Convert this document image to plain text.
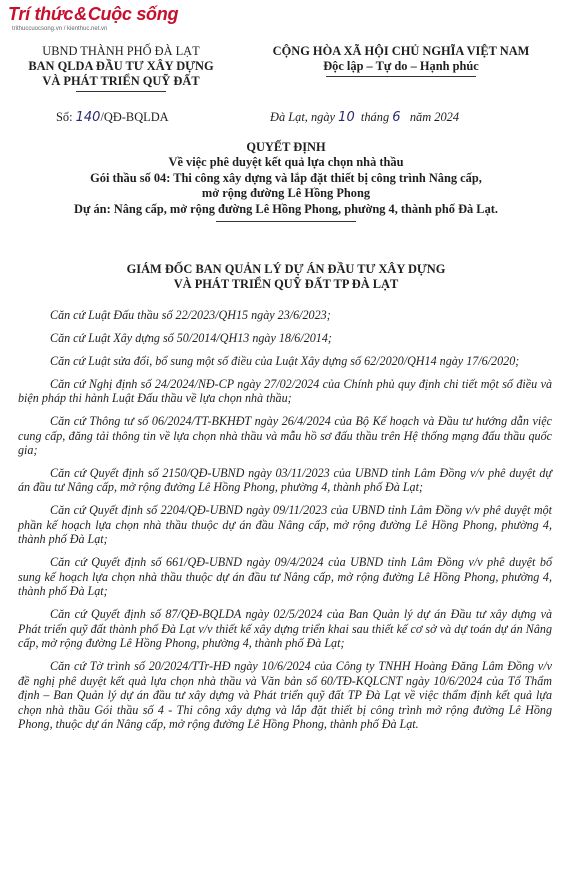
Trí thức & Cuộc sống
trithuccuocsong.vn / kienthuc.net.vn
UBND THÀNH PHỐ ĐÀ LẠT
BAN QLDA ĐẦU TƯ XÂY DỰNG
VÀ PHÁT TRIỂN QUỸ ĐẤT
CỘNG HÒA XÃ HỘI CHỦ NGHĨA VIỆT NAM
Độc lập – Tự do – Hạnh phúc
Số: 140/QĐ-BQLDA	Đà Lạt, ngày 10 tháng 6 năm 2024
QUYẾT ĐỊNH
Về việc phê duyệt kết quả lựa chọn nhà thầu
Gói thầu số 04: Thi công xây dựng và lắp đặt thiết bị công trình Nâng cấp,
mở rộng đường Lê Hồng Phong
Dự án: Nâng cấp, mở rộng đường Lê Hồng Phong, phường 4, thành phố Đà Lạt.
GIÁM ĐỐC BAN QUẢN LÝ DỰ ÁN ĐẦU TƯ XÂY DỰNG
VÀ PHÁT TRIỂN QUỸ ĐẤT TP ĐÀ LẠT

Căn cứ Luật Đấu thầu số 22/2023/QH15 ngày 23/6/2023;

Căn cứ Luật Xây dựng số 50/2014/QH13 ngày 18/6/2014;

Căn cứ Luật sửa đổi, bổ sung một số điều của Luật Xây dựng số 62/2020/QH14 ngày 17/6/2020;

Căn cứ Nghị định số 24/2024/NĐ-CP ngày 27/02/2024 của Chính phủ quy định chi tiết một số điều và biện pháp thi hành Luật Đấu thầu về lựa chọn nhà thầu;

Căn cứ Thông tư số 06/2024/TT-BKHĐT ngày 26/4/2024 của Bộ Kế hoạch và Đầu tư hướng dẫn việc cung cấp, đăng tải thông tin về lựa chọn nhà thầu và mẫu hồ sơ đấu thầu trên Hệ thống mạng đấu thầu quốc gia;

Căn cứ Quyết định số 2150/QĐ-UBND ngày 03/11/2023 của UBND tỉnh Lâm Đồng v/v phê duyệt dự án đầu tư Nâng cấp, mở rộng đường Lê Hồng Phong, phường 4, thành phố Đà Lạt;

Căn cứ Quyết định số 2204/QĐ-UBND ngày 09/11/2023 của UBND tỉnh Lâm Đồng v/v phê duyệt một phần kế hoạch lựa chọn nhà thầu thuộc dự án đầu Nâng cấp, mở rộng đường Lê Hồng Phong, phường 4, thành phố Đà Lạt;

Căn cứ Quyết định số 661/QĐ-UBND ngày 09/4/2024 của UBND tỉnh Lâm Đồng v/v phê duyệt bổ sung kế hoạch lựa chọn nhà thầu thuộc dự án đầu tư Nâng cấp, mở rộng đường Lê Hồng Phong, phường 4, thành phố Đà Lạt;

Căn cứ Quyết định số 87/QĐ-BQLDA ngày 02/5/2024 của Ban Quản lý dự án Đầu tư xây dựng và Phát triển quỹ đất thành phố Đà Lạt v/v thiết kế xây dựng triển khai sau thiết kế cơ sở và dự toán dự án Nâng cấp, mở rộng đường Lê Hồng Phong, phường 4, thành phố Đà Lạt;

Căn cứ Tờ trình số 20/2024/TTr-HĐ ngày 10/6/2024 của Công ty TNHH Hoàng Đăng Lâm Đồng v/v đề nghị phê duyệt kết quả lựa chọn nhà thầu và Văn bản số 60/TĐ-KQLCNT ngày 10/6/2024 của Tổ Thẩm định – Ban Quản lý dự án đầu tư xây dựng và Phát triển quỹ đất TP Đà Lạt về việc thẩm định kết quả lựa chọn nhà thầu Gói thầu số 4 - Thi công xây dựng và lắp đặt thiết bị công trình mở rộng đường Lê Hồng Phong, thuộc dự án Nâng cấp, mở rộng đường Lê Hồng Phong, thành phố Đà Lạt.
